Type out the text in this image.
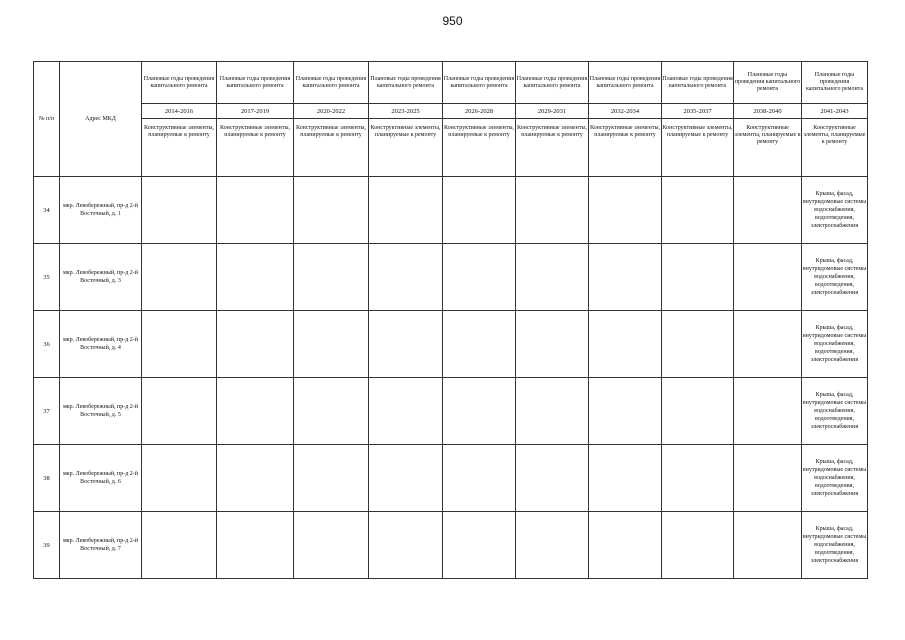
950
№ п/п	Адрес МКД	Плановые годы проведения капитального ремонта	Плановые годы проведения капитального ремонта	Плановые годы проведения капитального ремонта	Плановые годы проведения капитального ремонта	Плановые годы проведения капитального ремонта	Плановые годы проведения капитального ремонта	Плановые годы проведения капитального ремонта	Плановые годы проведения капитального ремонта	Плановые годы проведения капитального ремонта	Плановые годы проведения капитального ремонта
		2014-2016	2017-2019	2020-2022	2023-2025	2026-2028	2029-2031	2032-2034	2035-2037	2038-2040	2041-2043
		Конструктивные элементы, планируемые к ремонту	Конструктивные элементы, планируемые к ремонту	Конструктивные элементы, планируемые к ремонту	Конструктивные элементы, планируемые к ремонту	Конструктивные элементы, планируемые к ремонту	Конструктивные элементы, планируемые к ремонту	Конструктивные элементы, планируемые к ремонту	Конструктивные элементы, планируемые к ремонту	Конструктивные элементы, планируемые к ремонту	Конструктивные элементы, планируемые к ремонту
34	мкр. Левобережный, пр-д 2-й Восточный, д. 1										Крыша, фасад, внутридомовые системы водоснабжения, водоотведения, электроснабжения
35	мкр. Левобережный, пр-д 2-й Восточный, д. 3										Крыша, фасад, внутридомовые системы водоснабжения, водоотведения, электроснабжения
36	мкр. Левобережный, пр-д 2-й Восточный, д. 4										Крыша, фасад, внутридомовые системы водоснабжения, водоотведения, электроснабжения
37	мкр. Левобережный, пр-д 2-й Восточный, д. 5										Крыша, фасад, внутридомовые системы водоснабжения, водоотведения, электроснабжения
38	мкр. Левобережный, пр-д 2-й Восточный, д. 6										Крыша, фасад, внутридомовые системы водоснабжения, водоотведения, электроснабжения
39	мкр. Левобережный, пр-д 2-й Восточный, д. 7										Крыша, фасад, внутридомовые системы водоснабжения, водоотведения, электроснабжения
